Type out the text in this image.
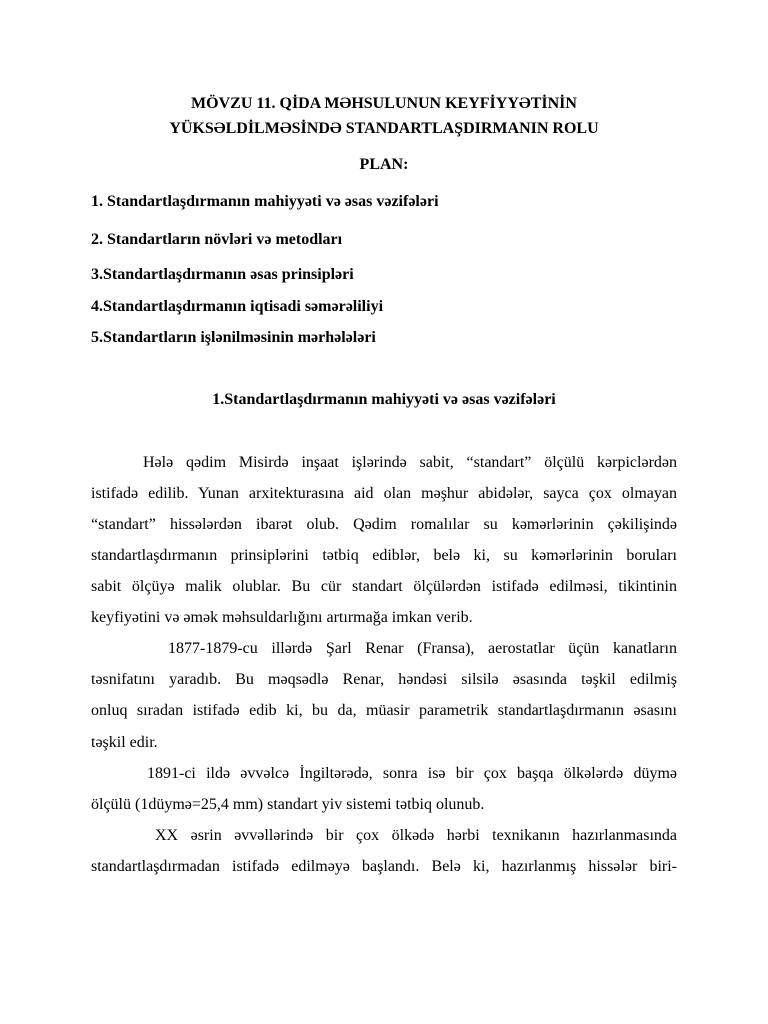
MÖVZU 11. QİDA MƏHSULUNUN KEYFİYYƏTİNİN
YÜKSƏLDİLMƏSİNDƏ STANDARTLAŞDIRMANIN ROLU
PLAN:
1. Standartlaşdırmanın mahiyyəti və əsas vəzifələri
2. Standartların növləri və metodları
3.Standartlaşdırmanın əsas prinsipləri
4.Standartlaşdırmanın iqtisadi səmərəliliyi
5.Standartların işlənilməsinin mərhələləri
1.Standartlaşdırmanın mahiyyəti və əsas vəzifələri
Hələ qədim Misirdə inşaat işlərində sabit, “standart” ölçülü kərpiclərdən
istifadə edilib. Yunan arxitekturasına aid olan məşhur abidələr, sayca çox olmayan
“standart” hissələrdən ibarət olub. Qədim romalılar su kəmərlərinin çəkilişində
standartlaşdırmanın prinsiplərini tətbiq ediblər, belə ki, su kəmərlərinin boruları
sabit ölçüyə malik olublar. Bu cür standart ölçülərdən istifadə edilməsi, tikintinin
keyfiyətini və əmək məhsuldarlığını artırmağa imkan verib.
1877-1879-cu illərdə Şarl Renar (Fransa), aerostatlar üçün kanatların
təsnifatını yaradıb. Bu məqsədlə Renar, həndəsi silsilə əsasında təşkil edilmiş
onluq sıradan istifadə edib ki, bu da, müasir parametrik standartlaşdırmanın əsasını
təşkil edir.
1891-ci ildə əvvəlcə İngiltərədə, sonra isə bir çox başqa ölkələrdə düymə
ölçülü (1düymə=25,4 mm) standart yiv sistemi tətbiq olunub.
XX əsrin əvvəllərində bir çox ölkədə hərbi texnikanın hazırlanmasında
standartlaşdırmadan istifadə edilməyə başlandı. Belə ki, hazırlanmış hissələr biri-
